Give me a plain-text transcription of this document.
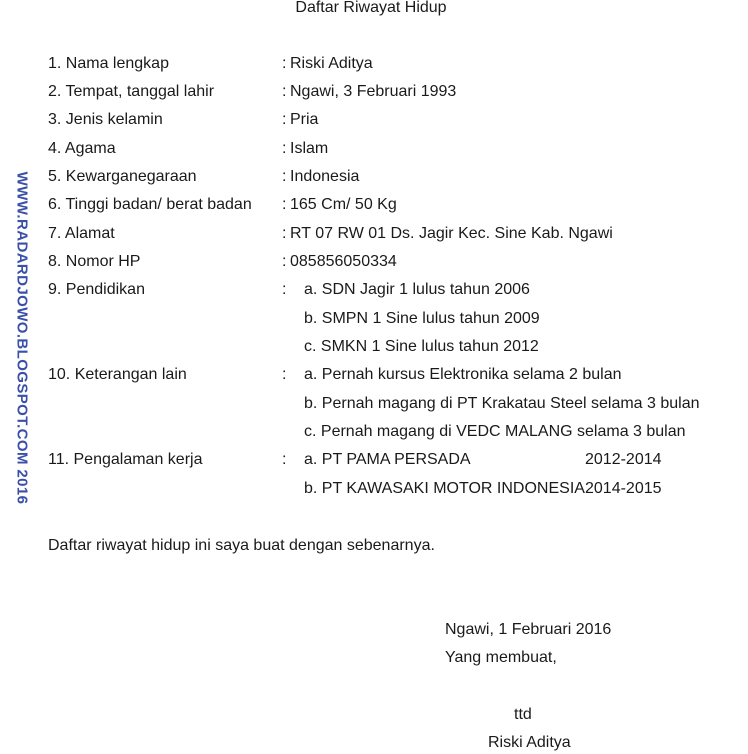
Daftar Riwayat Hidup
WWW.RADARDJOWO.BLOGSPOT.COM 2016
1. Nama lengkap	: Riski Aditya
2. Tempat, tanggal lahir	: Ngawi, 3 Februari 1993
3. Jenis kelamin	: Pria
4. Agama	: Islam
5. Kewarganegaraan	: Indonesia
6. Tinggi badan/ berat badan : 165 Cm/ 50 Kg
7. Alamat	: RT 07 RW 01 Ds. Jagir Kec. Sine Kab. Ngawi
8. Nomor HP	: 085856050334
9. Pendidikan	: a. SDN Jagir 1 lulus tahun 2006
b. SMPN 1 Sine lulus tahun 2009
c. SMKN 1 Sine lulus tahun 2012
10. Keterangan lain	: a. Pernah kursus Elektronika selama 2 bulan
b. Pernah magang di PT Krakatau Steel selama 3 bulan
c. Pernah magang di VEDC MALANG selama 3 bulan
11. Pengalaman kerja	: a. PT PAMA PERSADA	2012-2014
b. PT KAWASAKI MOTOR INDONESIA 2014-2015
Daftar riwayat hidup ini saya buat dengan sebenarnya.
Ngawi, 1 Februari 2016
Yang membuat,
ttd
Riski Aditya
